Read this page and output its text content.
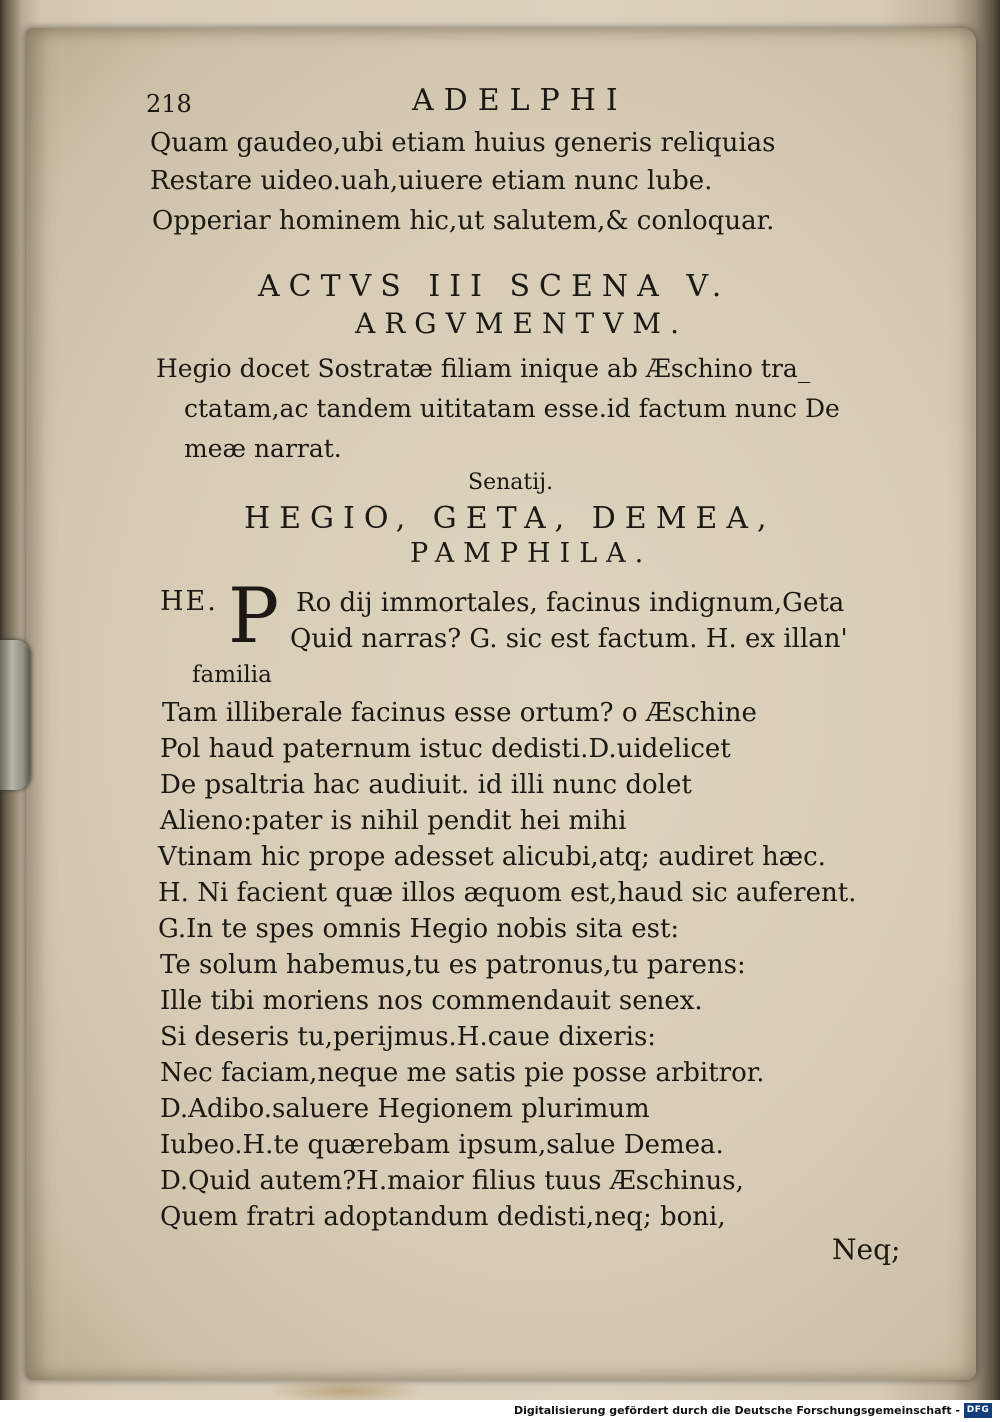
218	ADELPHI
Quam gaudeo,ubi etiam huius generis reliquias
Restare uideo.uah,uiuere etiam nunc lube.
Opperiar hominem hic,ut salutem,& conloquar.
ACTVS III SCENA V.
ARGVMENTVM.
Hegio docet Sostratæ filiam inique ab Æschino tra_
ctatam,ac tandem uititatam esse.id factum nunc De
meæ narrat.
Senatij.
HEGIO, GETA, DEMEA,
PAMPHILA.
HE. P Ro dij immortales, facinus indignum,Geta
Quid narras? G. sic est factum. H. ex illan'
familia
Tam illiberale facinus esse ortum? o Æschine
Pol haud paternum istuc dedisti.D.uidelicet
De psaltria hac audiuit. id illi nunc dolet
Alieno:pater is nihil pendit hei mihi
Vtinam hic prope adesset alicubi,atq; audiret hæc.
H. Ni facient quæ illos æquom est,haud sic auferent.
G.In te spes omnis Hegio nobis sita est:
Te solum habemus,tu es patronus,tu parens:
Ille tibi moriens nos commendauit senex.
Si deseris tu,perijmus.H.caue dixeris:
Nec faciam,neque me satis pie posse arbitror.
D.Adibo.saluere Hegionem plurimum
Iubeo.H.te quærebam ipsum,salue Demea.
D.Quid autem?H.maior filius tuus Æschinus,
Quem fratri adoptandum dedisti,neq; boni,
Neq;
Digitalisierung gefördert durch die Deutsche Forschungsgemeinschaft - DFG
